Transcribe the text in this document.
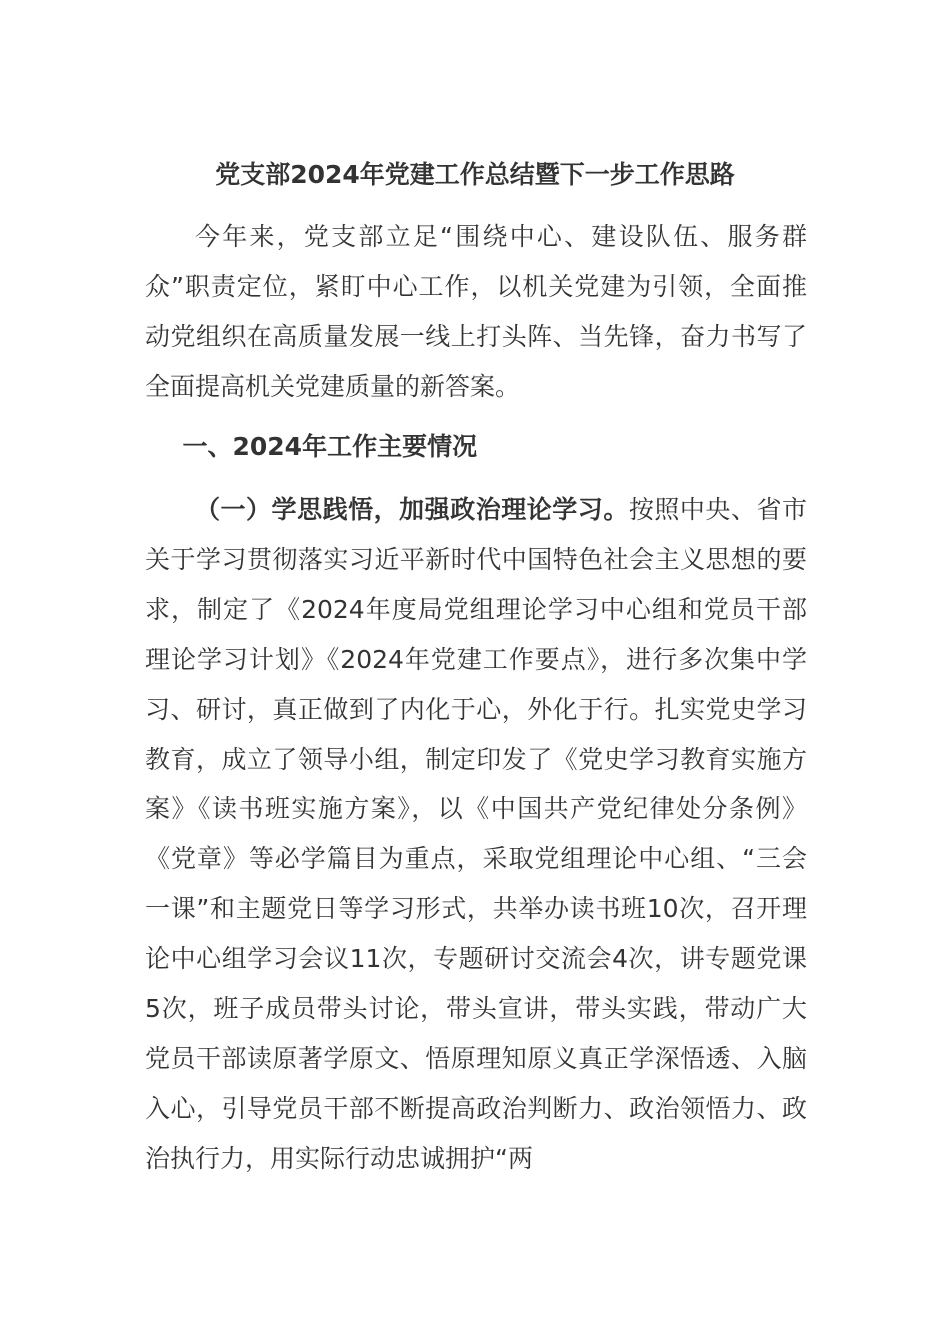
党支部2024年党建工作总结暨下一步工作思路

今年来，党支部立足“围绕中心、建设队伍、服务群众”职责定位，紧盯中心工作，以机关党建为引领，全面推动党组织在高质量发展一线上打头阵、当先锋，奋力书写了全面提高机关党建质量的新答案。

一、2024年工作主要情况

（一）学思践悟，加强政治理论学习。按照中央、省市关于学习贯彻落实习近平新时代中国特色社会主义思想的要求，制定了《2024年度局党组理论学习中心组和党员干部理论学习计划》《2024年党建工作要点》，进行多次集中学习、研讨，真正做到了内化于心，外化于行。扎实党史学习教育，成立了领导小组，制定印发了《党史学习教育实施方案》《读书班实施方案》，以《中国共产党纪律处分条例》《党章》等必学篇目为重点，采取党组理论中心组、“三会一课”和主题党日等学习形式，共举办读书班10次，召开理论中心组学习会议11次，专题研讨交流会4次，讲专题党课5次，班子成员带头讨论，带头宣讲，带头实践，带动广大党员干部读原著学原文、悟原理知原义真正学深悟透、入脑入心，引导党员干部不断提高政治判断力、政治领悟力、政治执行力，用实际行动忠诚拥护“两
